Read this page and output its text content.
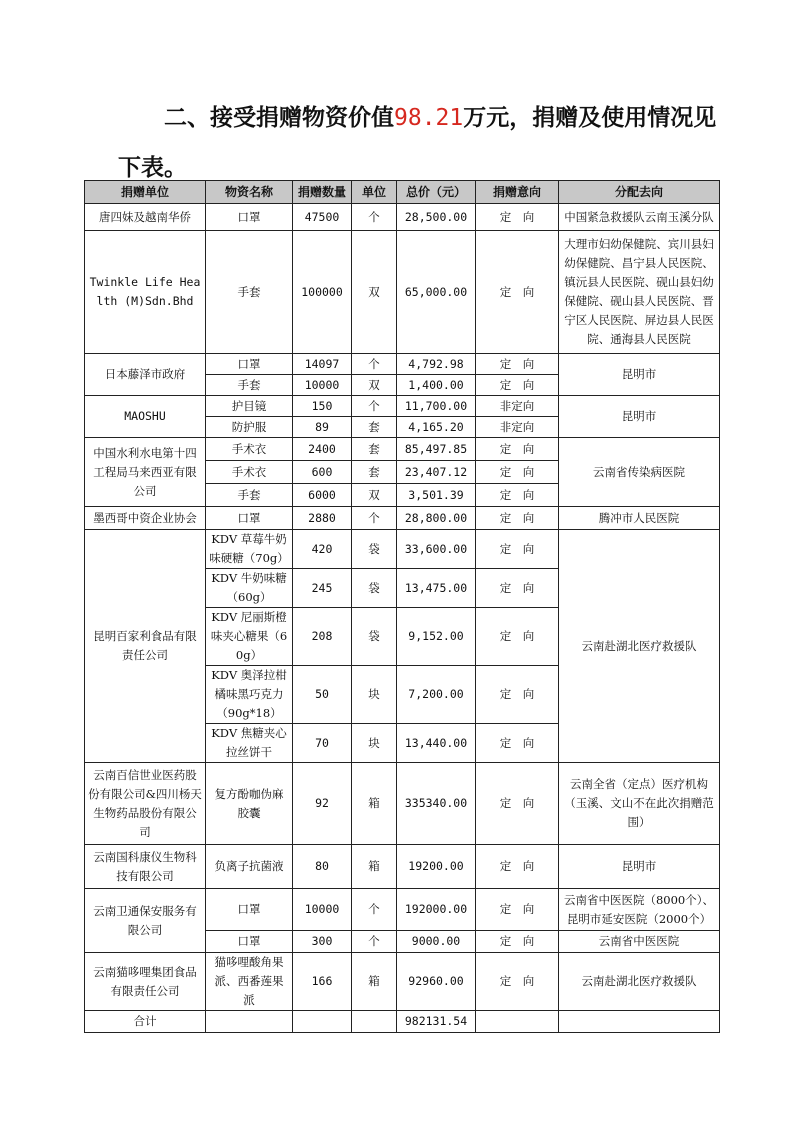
二、接受捐赠物资价值98.21万元，捐赠及使用情况见
下表。
捐赠单位	物资名称	捐赠数量	单位	总价（元）	捐赠意向	分配去向
唐四妹及越南华侨	口罩	47500	个	28,500.00	定　向	中国紧急救援队云南玉溪分队
Twinkle Life Health (M)Sdn.Bhd	手套	100000	双	65,000.00	定　向	大理市妇幼保健院、宾川县妇幼保健院、昌宁县人民医院、镇沅县人民医院、砚山县妇幼保健院、砚山县人民医院、晋宁区人民医院、屏边县人民医院、通海县人民医院
日本藤泽市政府	口罩	14097	个	4,792.98	定　向	昆明市
	手套	10000	双	1,400.00	定　向	
MAOSHU	护目镜	150	个	11,700.00	非定向	昆明市
	防护服	89	套	4,165.20	非定向	
中国水利水电第十四工程局马来西亚有限公司	手术衣	2400	套	85,497.85	定　向	云南省传染病医院
	手术衣	600	套	23,407.12	定　向	
	手套	6000	双	3,501.39	定　向	
墨西哥中资企业协会	口罩	2880	个	28,800.00	定　向	腾冲市人民医院
昆明百家利食品有限责任公司	KDV 草莓牛奶味硬糖（70g）	420	袋	33,600.00	定　向	云南赴湖北医疗救援队
	KDV 牛奶味糖（60g）	245	袋	13,475.00	定　向	
	KDV 尼丽斯橙味夹心糖果（60g）	208	袋	9,152.00	定　向	
	KDV 奥泽拉柑橘味黑巧克力（90g*18）	50	块	7,200.00	定　向	
	KDV 焦糖夹心拉丝饼干	70	块	13,440.00	定　向	
云南百信世业医药股份有限公司&四川杨天生物药品股份有限公司	复方酚咖伪麻胶囊	92	箱	335340.00	定　向	云南全省（定点）医疗机构（玉溪、文山不在此次捐赠范围）
云南国科康仪生物科技有限公司	负离子抗菌液	80	箱	19200.00	定　向	昆明市
云南卫通保安服务有限公司	口罩	10000	个	192000.00	定　向	云南省中医医院（8000个）、昆明市延安医院（2000个）
	口罩	300	个	9000.00	定　向	云南省中医医院
云南猫哆哩集团食品有限责任公司	猫哆哩酸角果派、西番莲果派	166	箱	92960.00	定　向	云南赴湖北医疗救援队
合计				982131.54		
